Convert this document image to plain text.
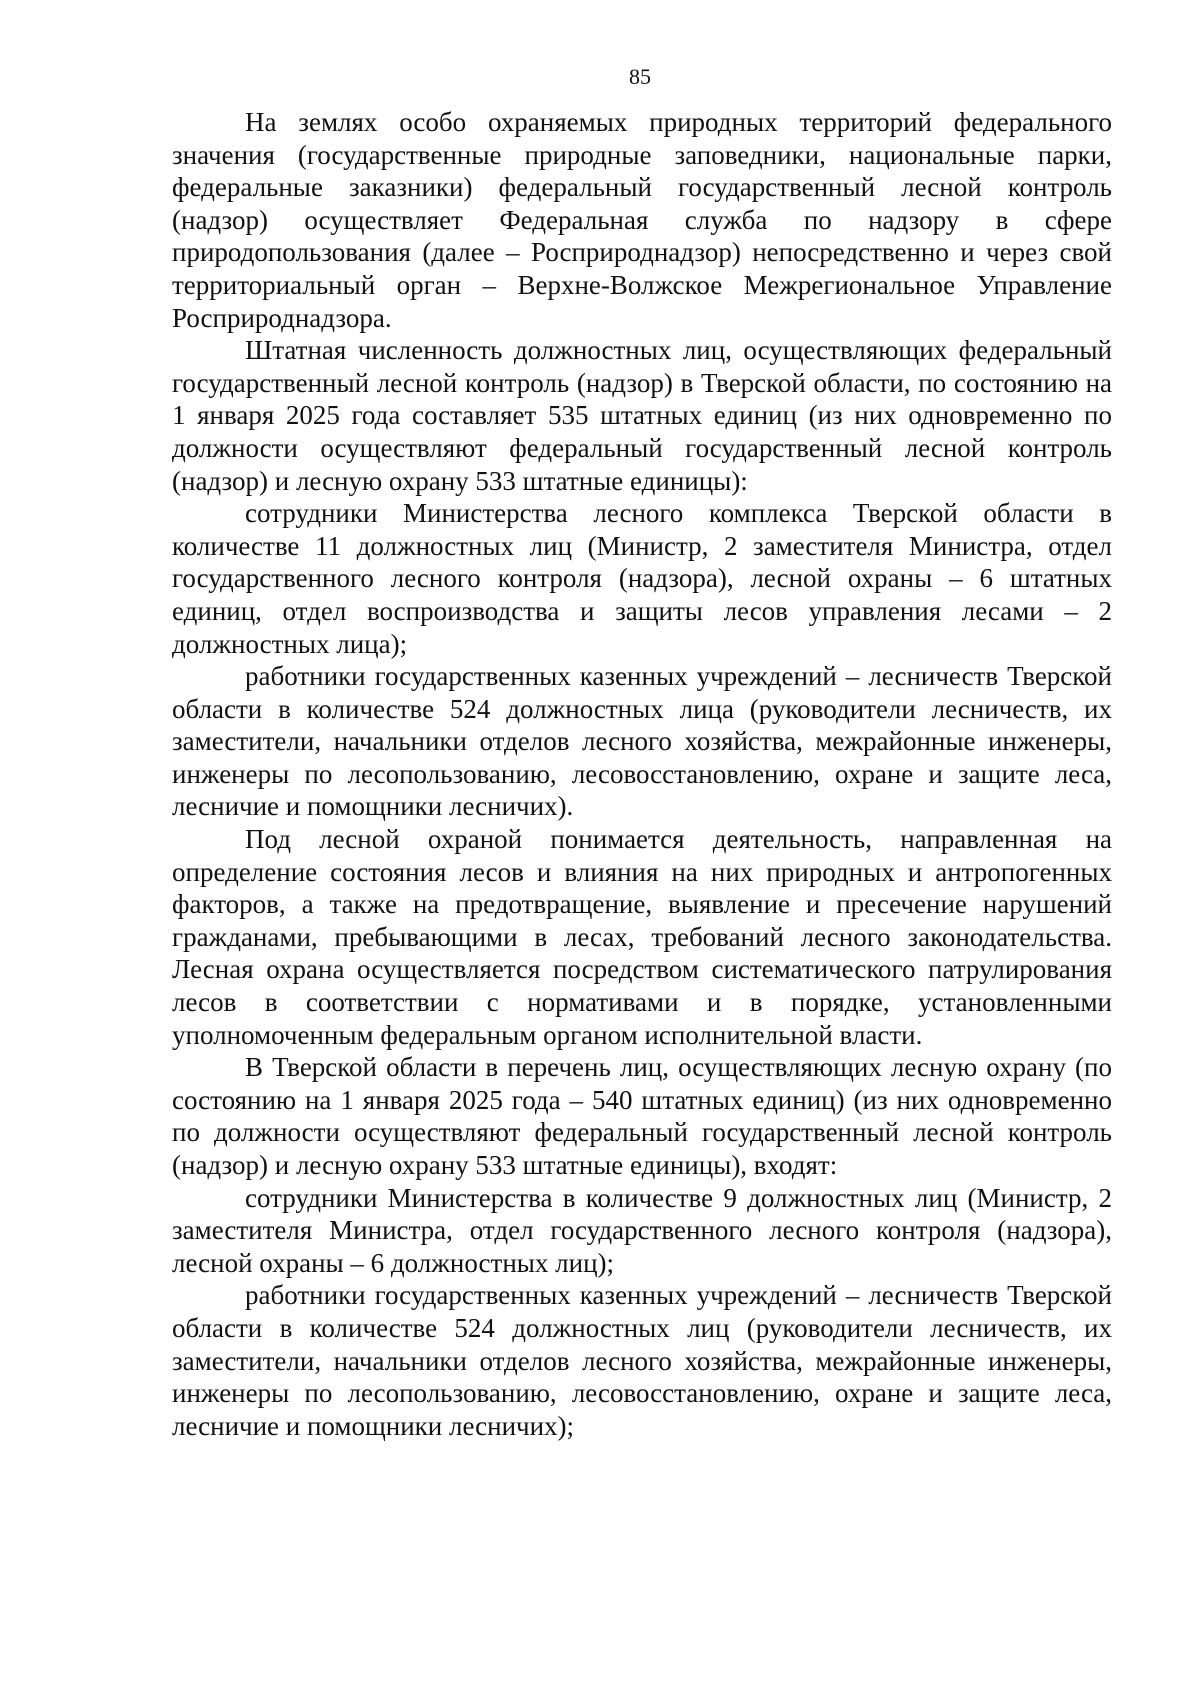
85

На землях особо охраняемых природных территорий федерального значения (государственные природные заповедники, национальные парки, федеральные заказники) федеральный государственный лесной контроль (надзор) осуществляет Федеральная служба по надзору в сфере природопользования (далее – Росприроднадзор) непосредственно и через свой территориальный орган – Верхне-Волжское Межрегиональное Управление Росприроднадзора.

Штатная численность должностных лиц, осуществляющих федеральный государственный лесной контроль (надзор) в Тверской области, по состоянию на 1 января 2025 года составляет 535 штатных единиц (из них одновременно по должности осуществляют федеральный государственный лесной контроль (надзор) и лесную охрану 533 штатные единицы):

сотрудники Министерства лесного комплекса Тверской области в количестве 11 должностных лиц (Министр, 2 заместителя Министра, отдел государственного лесного контроля (надзора), лесной охраны – 6 штатных единиц, отдел воспроизводства и защиты лесов управления лесами – 2 должностных лица);

работники государственных казенных учреждений – лесничеств Тверской области в количестве 524 должностных лица (руководители лесничеств, их заместители, начальники отделов лесного хозяйства, межрайонные инженеры, инженеры по лесопользованию, лесовосстановлению, охране и защите леса, лесничие и помощники лесничих).

Под лесной охраной понимается деятельность, направленная на определение состояния лесов и влияния на них природных и антропогенных факторов, а также на предотвращение, выявление и пресечение нарушений гражданами, пребывающими в лесах, требований лесного законодательства. Лесная охрана осуществляется посредством систематического патрулирования лесов в соответствии с нормативами и в порядке, установленными уполномоченным федеральным органом исполнительной власти.

В Тверской области в перечень лиц, осуществляющих лесную охрану (по состоянию на 1 января 2025 года – 540 штатных единиц) (из них одновременно по должности осуществляют федеральный государственный лесной контроль (надзор) и лесную охрану 533 штатные единицы), входят:

сотрудники Министерства в количестве 9 должностных лиц (Министр, 2 заместителя Министра, отдел государственного лесного контроля (надзора), лесной охраны – 6 должностных лиц);

работники государственных казенных учреждений – лесничеств Тверской области в количестве 524 должностных лиц (руководители лесничеств, их заместители, начальники отделов лесного хозяйства, межрайонные инженеры, инженеры по лесопользованию, лесовосстановлению, охране и защите леса, лесничие и помощники лесничих);
